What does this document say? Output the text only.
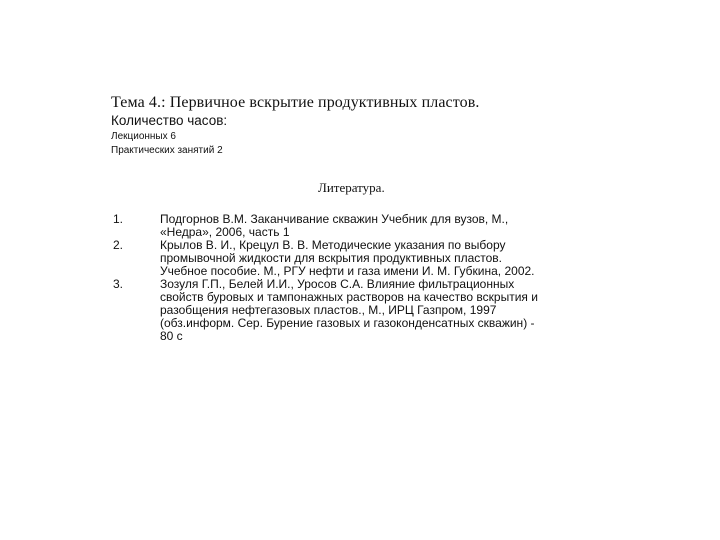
Тема 4.: Первичное вскрытие продуктивных пластов.
Количество часов:
Лекционных 6
Практических занятий 2
Литература.
1.	Подгорнов В.М. Заканчивание скважин Учебник для вузов, М.,
«Недра», 2006, часть 1
2.	Крылов В. И., Крецул В. В. Методические указания по выбору
промывочной жидкости для вскрытия продуктивных пластов.
Учебное пособие. М., РГУ нефти и газа имени И. М. Губкина, 2002.
3.	Зозуля Г.П., Белей И.И., Уросов С.А. Влияние фильтрационных
свойств буровых и тампонажных растворов на качество вскрытия и
разобщения нефтегазовых пластов., М., ИРЦ Газпром, 1997
(обз.информ. Сер. Бурение газовых и газоконденсатных скважин) -
80 с
